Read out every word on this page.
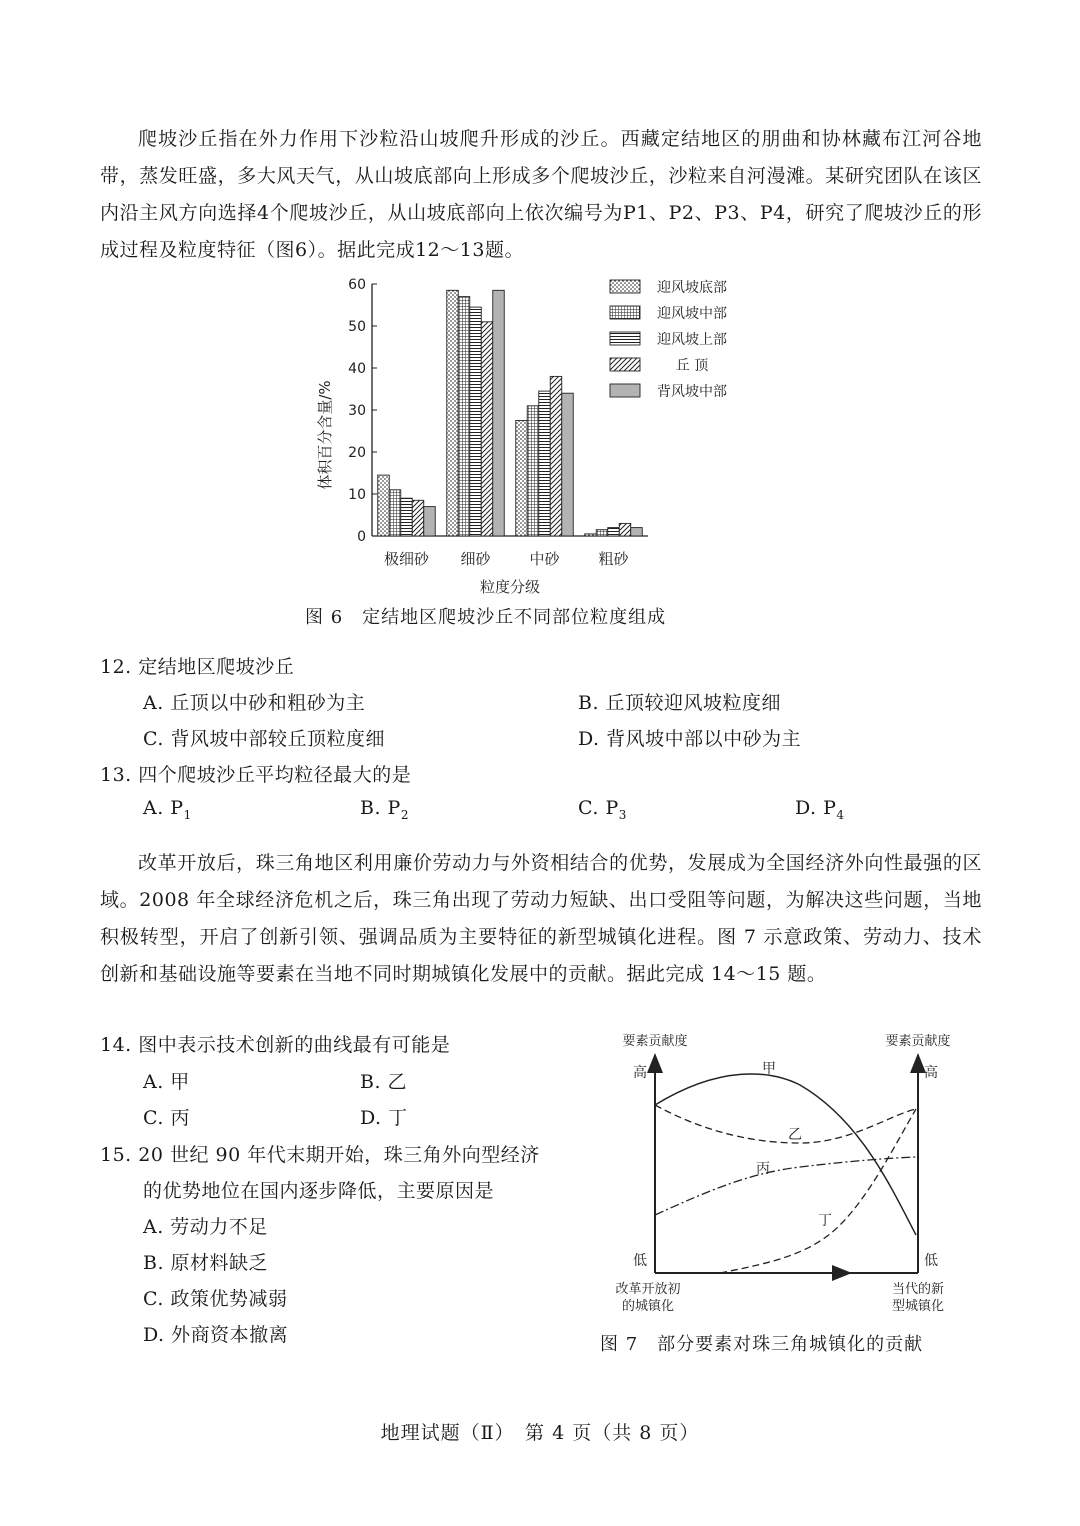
爬坡沙丘指在外力作用下沙粒沿山坡爬升形成的沙丘。西藏定结地区的朋曲和协林藏布江河谷地带，蒸发旺盛，多大风天气，从山坡底部向上形成多个爬坡沙丘，沙粒来自河漫滩。某研究团队在该区内沿主风方向选择4个爬坡沙丘，从山坡底部向上依次编号为P1、P2、P3、P4，研究了爬坡沙丘的形成过程及粒度特征（图6）。据此完成12～13题。

0
10
20
30
40
50
60
极细砂 细砂	中砂	粗砂
迎风坡底部
迎风坡中部
迎风坡上部
丘 顶
背风坡中部
体积百分含量/%
粒度分级
图 6　定结地区爬坡沙丘不同部位粒度组成
12. 定结地区爬坡沙丘
A. 丘顶以中砂和粗砂为主	B. 丘顶较迎风坡粒度细
C. 背风坡中部较丘顶粒度细	D. 背风坡中部以中砂为主
13. 四个爬坡沙丘平均粒径最大的是
A. $P_1$	B. $P_2$	C. $P_3$	D. $P_4$

改革开放后，珠三角地区利用廉价劳动力与外资相结合的优势，发展成为全国经济外向性最强的区域。2008 年全球经济危机之后，珠三角出现了劳动力短缺、出口受阻等问题，为解决这些问题，当地积极转型，开启了创新引领、强调品质为主要特征的新型城镇化进程。图 7 示意政策、劳动力、技术创新和基础设施等要素在当地不同时期城镇化发展中的贡献。据此完成 14～15 题。

14. 图中表示技术创新的曲线最有可能是
A. 甲	B. 乙
C. 丙	D. 丁
15. 20 世纪 90 年代末期开始，珠三角外向型经济
的优势地位在国内逐步降低，主要原因是
A. 劳动力不足
B. 原材料缺乏
C. 政策优势减弱
D. 外商资本撤离
要素贡献度	要素贡献度
高	高
低	低
甲
乙
丙
丁
改革开放初
的城镇化
当代的新
型城镇化
图 7　部分要素对珠三角城镇化的贡献
地理试题（Ⅱ）　第 4 页（共 8 页）
